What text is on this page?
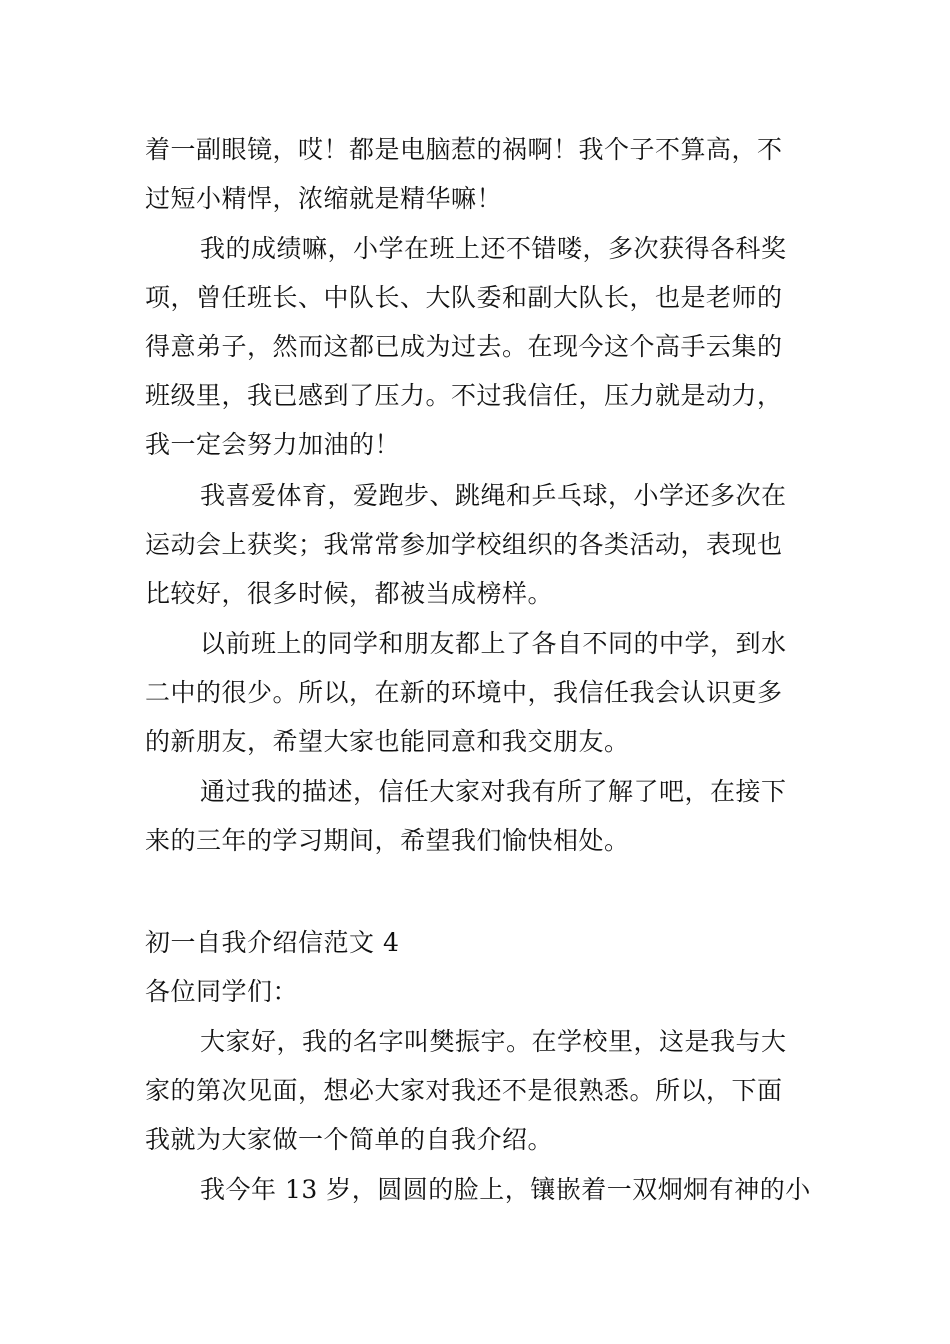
着一副眼镜，哎！都是电脑惹的祸啊！我个子不算高，不
过短小精悍，浓缩就是精华嘛！
我的成绩嘛，小学在班上还不错喽，多次获得各科奖
项，曾任班长、中队长、大队委和副大队长，也是老师的
得意弟子，然而这都已成为过去。在现今这个高手云集的
班级里，我已感到了压力。不过我信任，压力就是动力，
我一定会努力加油的！
我喜爱体育，爱跑步、跳绳和乒乓球，小学还多次在
运动会上获奖；我常常参加学校组织的各类活动，表现也
比较好，很多时候，都被当成榜样。
以前班上的同学和朋友都上了各自不同的中学，到水
二中的很少。所以，在新的环境中，我信任我会认识更多
的新朋友，希望大家也能同意和我交朋友。
通过我的描述，信任大家对我有所了解了吧，在接下
来的三年的学习期间，希望我们愉快相处。
初一自我介绍信范文 4
各位同学们：
大家好，我的名字叫樊振宇。在学校里，这是我与大
家的第次见面，想必大家对我还不是很熟悉。所以，下面
我就为大家做一个简单的自我介绍。
我今年 13 岁，圆圆的脸上，镶嵌着一双炯炯有神的小
